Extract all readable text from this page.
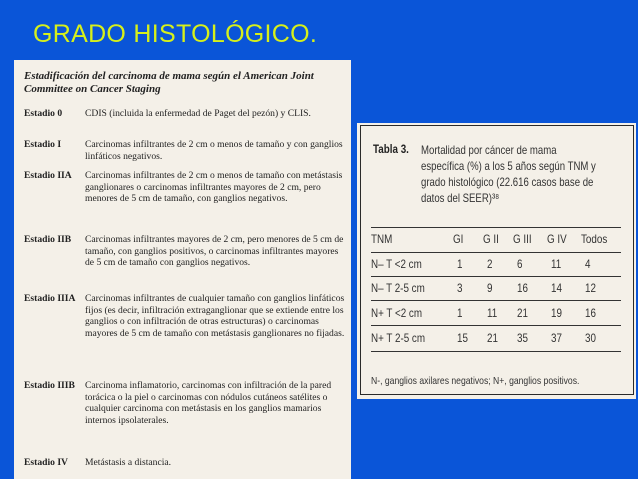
GRADO HISTOLÓGICO.
Estadificación del carcinoma de mama según el American Joint Committee on Cancer Staging
Estadio 0 CDIS (incluida la enfermedad de Paget del pezón) y CLIS.
Estadio I Carcinomas infiltrantes de 2 cm o menos de tamaño y con ganglios linfáticos negativos.
Estadio IIA Carcinomas infiltrantes de 2 cm o menos de tamaño con metástasis ganglionares o carcinomas infiltrantes mayores de 2 cm, pero menores de 5 cm de tamaño, con ganglios negativos.
Estadio IIB Carcinomas infiltrantes mayores de 2 cm, pero menores de 5 cm de tamaño, con ganglios positivos, o carcinomas infiltrantes mayores de 5 cm de tamaño con ganglios negativos.
Estadio IIIA Carcinomas infiltrantes de cualquier tamaño con ganglios linfáticos fijos (es decir, infiltración extraganglionar que se extiende entre los ganglios o con infiltración de otras estructuras) o carcinomas mayores de 5 cm de tamaño con metástasis ganglionares no fijadas.
Estadio IIIB Carcinoma inflamatorio, carcinomas con infiltración de la pared torácica o la piel o carcinomas con nódulos cutáneos satélites o cualquier carcinoma con metástasis en los ganglios mamarios internos ipsolaterales.
Estadio IV Metástasis a distancia.
Tabla 3. Mortalidad por cáncer de mama específica (%) a los 5 años según TNM y grado histológico (22.616 casos base de datos del SEER)³⁸
TNM	GI G II G III G IV Todos
N– T <2 cm	1 2 6 11 4
N– T 2-5 cm	3 9 16 14 12
N+ T <2 cm	1 11 21 19 16
N+ T 2-5 cm	15 21 35 37 30
N-, ganglios axilares negativos; N+, ganglios positivos.
